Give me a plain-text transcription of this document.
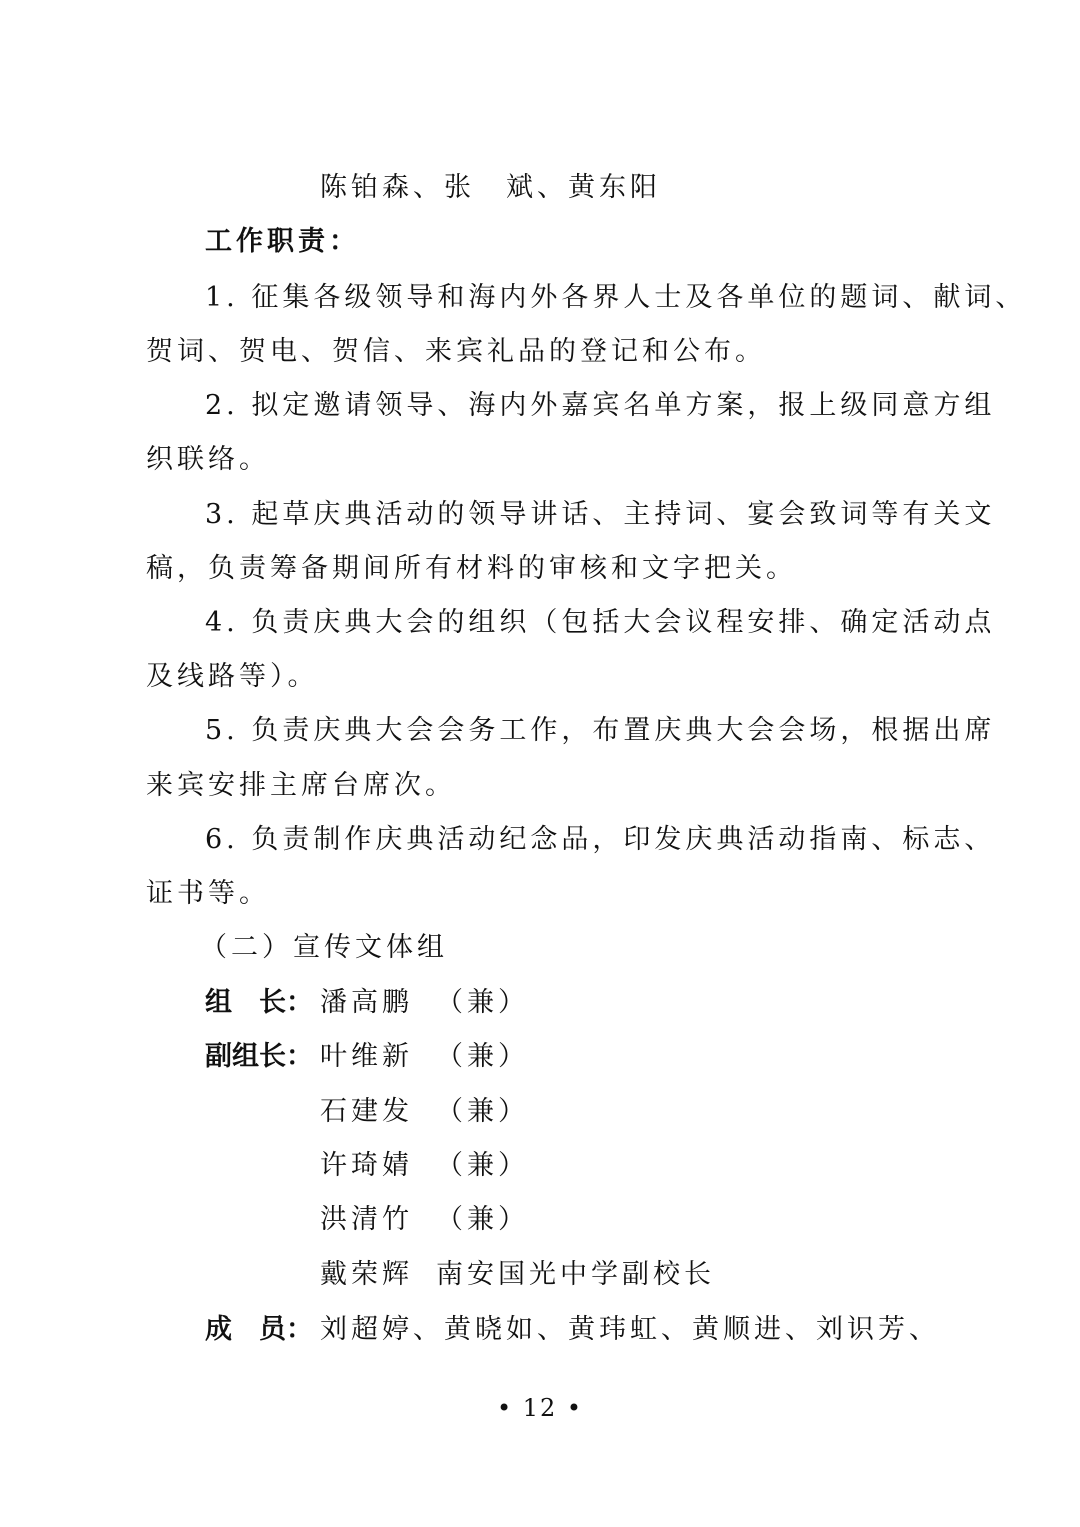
陈铂森、张　斌、黄东阳
工作职责：
1. 征集各级领导和海内外各界人士及各单位的题词、献词、
贺词、贺电、贺信、来宾礼品的登记和公布。
2. 拟定邀请领导、海内外嘉宾名单方案，报上级同意方组
织联络。
3. 起草庆典活动的领导讲话、主持词、宴会致词等有关文
稿，负责筹备期间所有材料的审核和文字把关。
4. 负责庆典大会的组织（包括大会议程安排、确定活动点
及线路等）。
5. 负责庆典大会会务工作，布置庆典大会会场，根据出席
来宾安排主席台席次。
6. 负责制作庆典活动纪念品，印发庆典活动指南、标志、
证书等。
（二）宣传文体组
组　长： 潘高鹏 （兼）
副组长： 叶维新 （兼）
石建发 （兼）
许琦婧 （兼）
洪清竹 （兼）
戴荣辉 南安国光中学副校长
成　员： 刘超婷、黄晓如、黄玮虹、黄顺进、刘识芳、
• 12 •
